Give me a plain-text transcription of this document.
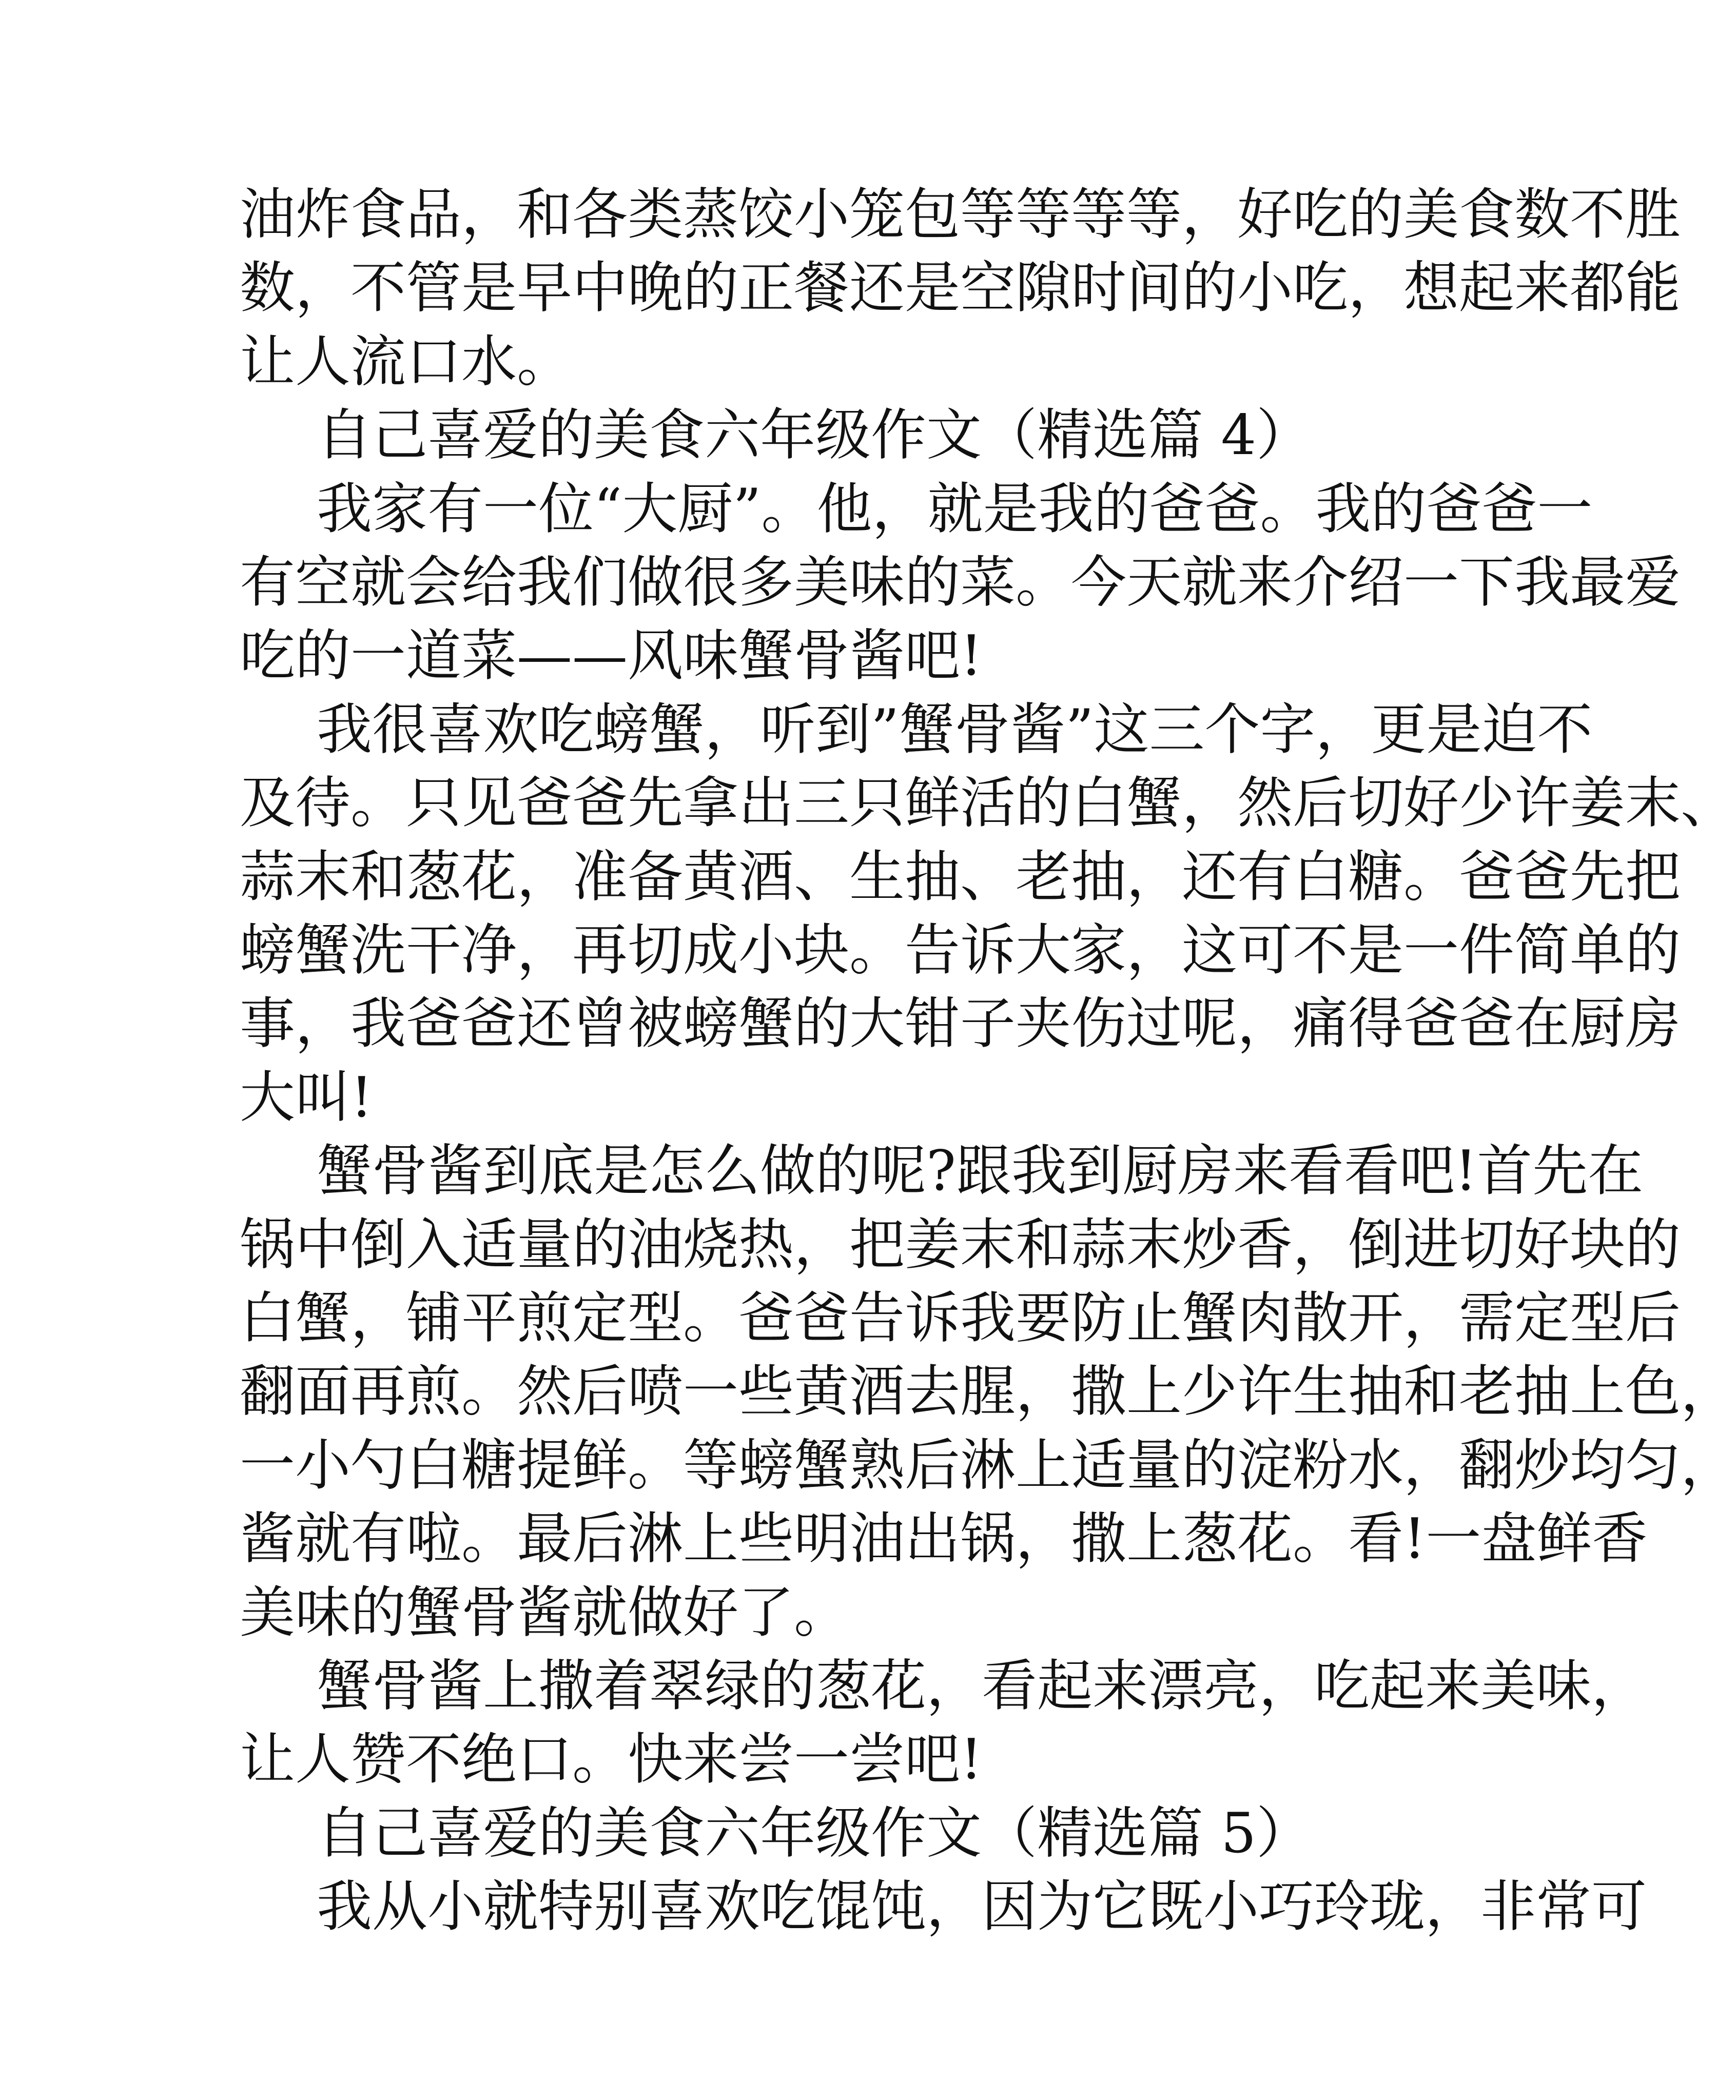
油炸食品，和各类蒸饺小笼包等等等等，好吃的美食数不胜
数，不管是早中晚的正餐还是空隙时间的小吃，想起来都能
让人流口水。
自己喜爱的美食六年级作文（精选篇 4）
我家有一位“大厨”。他，就是我的爸爸。我的爸爸一
有空就会给我们做很多美味的菜。今天就来介绍一下我最爱
吃的一道菜——风味蟹骨酱吧!
我很喜欢吃螃蟹，听到”蟹骨酱”这三个字，更是迫不
及待。只见爸爸先拿出三只鲜活的白蟹，然后切好少许姜末、
蒜末和葱花，准备黄酒、生抽、老抽，还有白糖。爸爸先把
螃蟹洗干净，再切成小块。告诉大家，这可不是一件简单的
事，我爸爸还曾被螃蟹的大钳子夹伤过呢，痛得爸爸在厨房
大叫!
蟹骨酱到底是怎么做的呢?跟我到厨房来看看吧!首先在
锅中倒入适量的油烧热，把姜末和蒜末炒香，倒进切好块的
白蟹，铺平煎定型。爸爸告诉我要防止蟹肉散开，需定型后
翻面再煎。然后喷一些黄酒去腥，撒上少许生抽和老抽上色，
一小勺白糖提鲜。等螃蟹熟后淋上适量的淀粉水，翻炒均匀，
酱就有啦。最后淋上些明油出锅，撒上葱花。看!一盘鲜香
美味的蟹骨酱就做好了。
蟹骨酱上撒着翠绿的葱花，看起来漂亮，吃起来美味，
让人赞不绝口。快来尝一尝吧!
自己喜爱的美食六年级作文（精选篇 5）
我从小就特别喜欢吃馄饨，因为它既小巧玲珑，非常可
